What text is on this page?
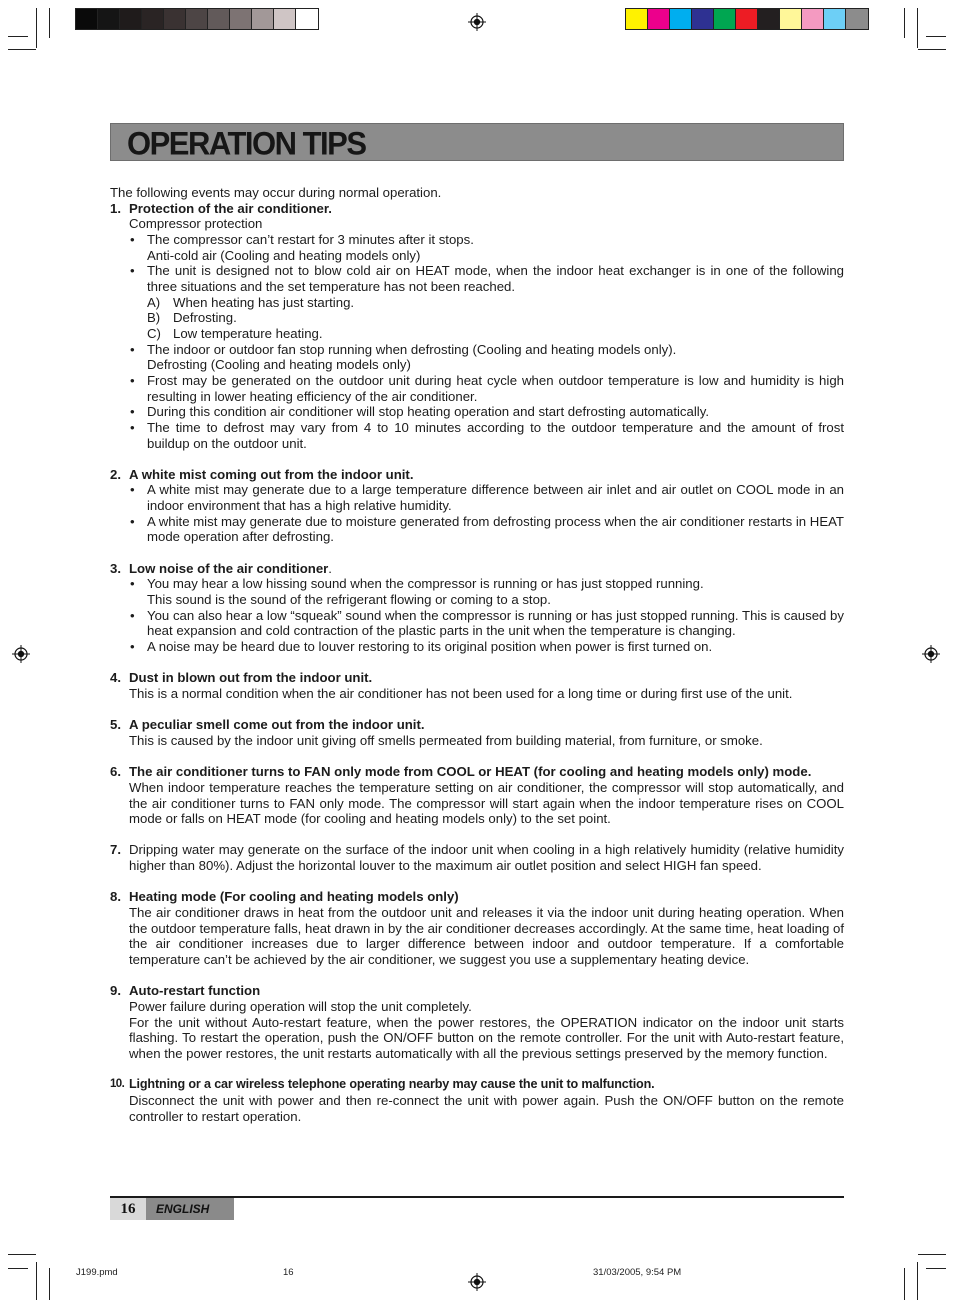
OPERATION TIPS
The following events may occur during normal operation.
1. Protection of the air conditioner.
Compressor protection
• The compressor can’t restart for 3 minutes after it stops.
Anti-cold air (Cooling and heating models only)
• The unit is designed not to blow cold air on HEAT mode, when the indoor heat exchanger is in one of the following three situations and the set temperature has not been reached.
A) When heating has just starting.
B) Defrosting.
C) Low temperature heating.
• The indoor or outdoor fan stop running when defrosting (Cooling and heating models only).
Defrosting (Cooling and heating models only)
• Frost may be generated on the outdoor unit during heat cycle when outdoor temperature is low and humidity is high resulting in lower heating efficiency of the air conditioner.
• During this condition air conditioner will stop heating operation and start defrosting automatically.
• The time to defrost may vary from 4 to 10 minutes according to the outdoor temperature and the amount of frost buildup on the outdoor unit.
2. A white mist coming out from the indoor unit.
• A white mist may generate due to a large temperature difference between air inlet and air outlet on COOL mode in an indoor environment that has a high relative humidity.
• A white mist may generate due to moisture generated from defrosting process when the air conditioner restarts in HEAT mode operation after defrosting.
3. Low noise of the air conditioner.
• You may hear a low hissing sound when the compressor is running or has just stopped running.
This sound is the sound of the refrigerant flowing or coming to a stop.
• You can also hear a low “squeak” sound when the compressor is running or has just stopped running. This is caused by heat expansion and cold contraction of the plastic parts in the unit when the temperature is changing.
• A noise may be heard due to louver restoring to its original position when power is first turned on.
4. Dust in blown out from the indoor unit.
This is a normal condition when the air conditioner has not been used for a long time or during first use of the unit.
5. A peculiar smell come out from the indoor unit.
This is caused by the indoor unit giving off smells permeated from building material, from furniture, or smoke.
6. The air conditioner turns to FAN only mode from COOL or HEAT (for cooling and heating models only) mode.
When indoor temperature reaches the temperature setting on air conditioner, the compressor will stop automatically, and the air conditioner turns to FAN only mode. The compressor will start again when the indoor temperature rises on COOL mode or falls on HEAT mode (for cooling and heating models only) to the set point.
7. Dripping water may generate on the surface of the indoor unit when cooling in a high relatively humidity (relative humidity higher than 80%). Adjust the horizontal louver to the maximum air outlet position and select HIGH fan speed.
8. Heating mode (For cooling and heating models only)
The air conditioner draws in heat from the outdoor unit and releases it via the indoor unit during heating operation. When the outdoor temperature falls, heat drawn in by the air conditioner decreases accordingly. At the same time, heat loading of the air conditioner increases due to larger difference between indoor and outdoor temperature. If a comfortable temperature can’t be achieved by the air conditioner, we suggest you use a supplementary heating device.
9. Auto-restart function
Power failure during operation will stop the unit completely.
For the unit without Auto-restart feature, when the power restores, the OPERATION indicator on the indoor unit starts flashing. To restart the operation, push the ON/OFF button on the remote controller. For the unit with Auto-restart feature, when the power restores, the unit restarts automatically with all the previous settings preserved by the memory function.
10. Lightning or a car wireless telephone operating nearby may cause the unit to malfunction.
Disconnect the unit with power and then re-connect the unit with power again. Push the ON/OFF button on the remote controller to restart operation.
16	ENGLISH
J199.pmd	16	31/03/2005, 9:54 PM
